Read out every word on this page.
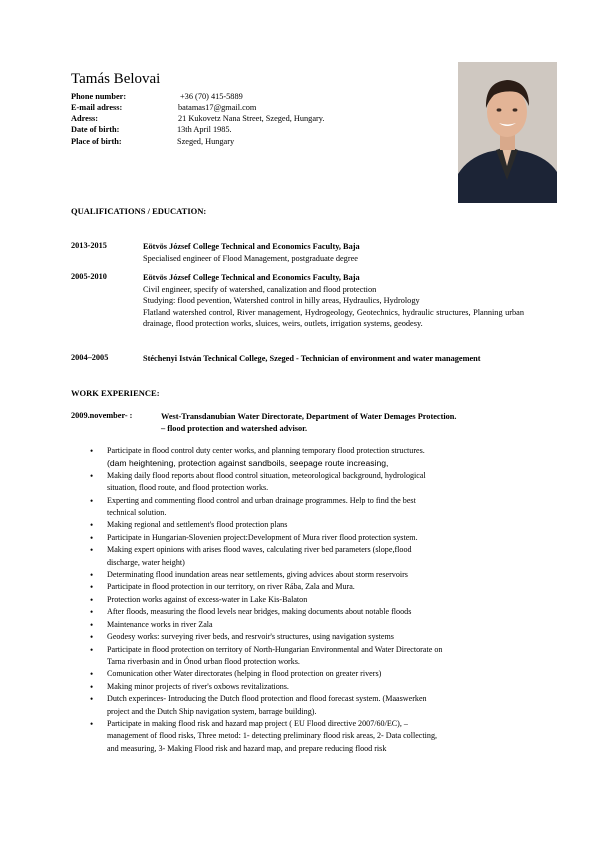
Tamás Belovai
Phone number:	+36 (70) 415-5889
E-mail adress:	batamas17@gmail.com
Adress:	21 Kukovetz Nana Street, Szeged, Hungary.
Date of birth:	13th April 1985.
Place of birth:	Szeged, Hungary
QUALIFICATIONS / EDUCATION:
2013-2015	Eötvös József College Technical and Economics Faculty, Baja
Specialised engineer of Flood Management, postgraduate degree
2005-2010	Eötvös József College Technical and Economics Faculty, Baja
Civil engineer, specify of watershed, canalization and flood protection
Studying: flood pevention, Watershed control in hilly areas, Hydraulics, Hydrology
Flatland watershed control, River management, Hydrogeology, Geotechnics, hydraulic structures, Planning urban drainage, flood protection works, sluices, weirs, outlets, irrigation systems, geodesy.
2004–2005	Stéchenyi István Technical College, Szeged - Technician of environment and water management
WORK EXPERIENCE:
2009.november- :	West-Transdanubian Water Directorate, Department of Water Demages Protection.
– flood protection and watershed advisor.
• Participate in flood control duty center works, and planning temporary flood protection structures.
(dam heightening, protection against sandboils, seepage route increasing,
• Making daily flood reports about flood control situation, meteorological background, hydrological
situation, flood route, and flood protection works.
• Experting and commenting flood control and urban drainage programmes. Help to find the best
technical solution.
• Making regional and settlement's flood protection plans
• Participate in Hungarian-Slovenien project:Development of Mura river flood protection system.
• Making expert opinions with arises flood waves, calculating river bed parameters (slope,flood
discharge, water height)
• Determinating flood inundation areas near settlements, giving advices about storm reservoirs
• Participate in flood protection in our territory, on river Rába, Zala and Mura.
• Protection works against of excess-water in Lake Kis-Balaton
• After floods, measuring the flood levels near bridges, making documents about notable floods
• Maintenance works in river Zala
• Geodesy works: surveying river beds, and resrvoir's structures, using navigation systems
• Participate in flood protection on territory of North-Hungarian Environmental and Water Directorate on
Tarna riverbasin and in Ónod urban flood protection works.
• Comunication other Water directorates (helping in flood protection on greater rivers)
• Making minor projects of river's oxbows revitalizations.
• Dutch experinces- Introducing the Dutch flood protection and flood forecast system. (Maaswerken
project and the Dutch Ship navigation system, barrage building).
• Participate in making flood risk and hazard map project ( EU Flood directive 2007/60/EC), –
management of flood risks, Three metod: 1- detecting preliminary flood risk areas, 2- Data collecting,
and measuring, 3- Making Flood risk and hazard map, and prepare reducing flood risk
